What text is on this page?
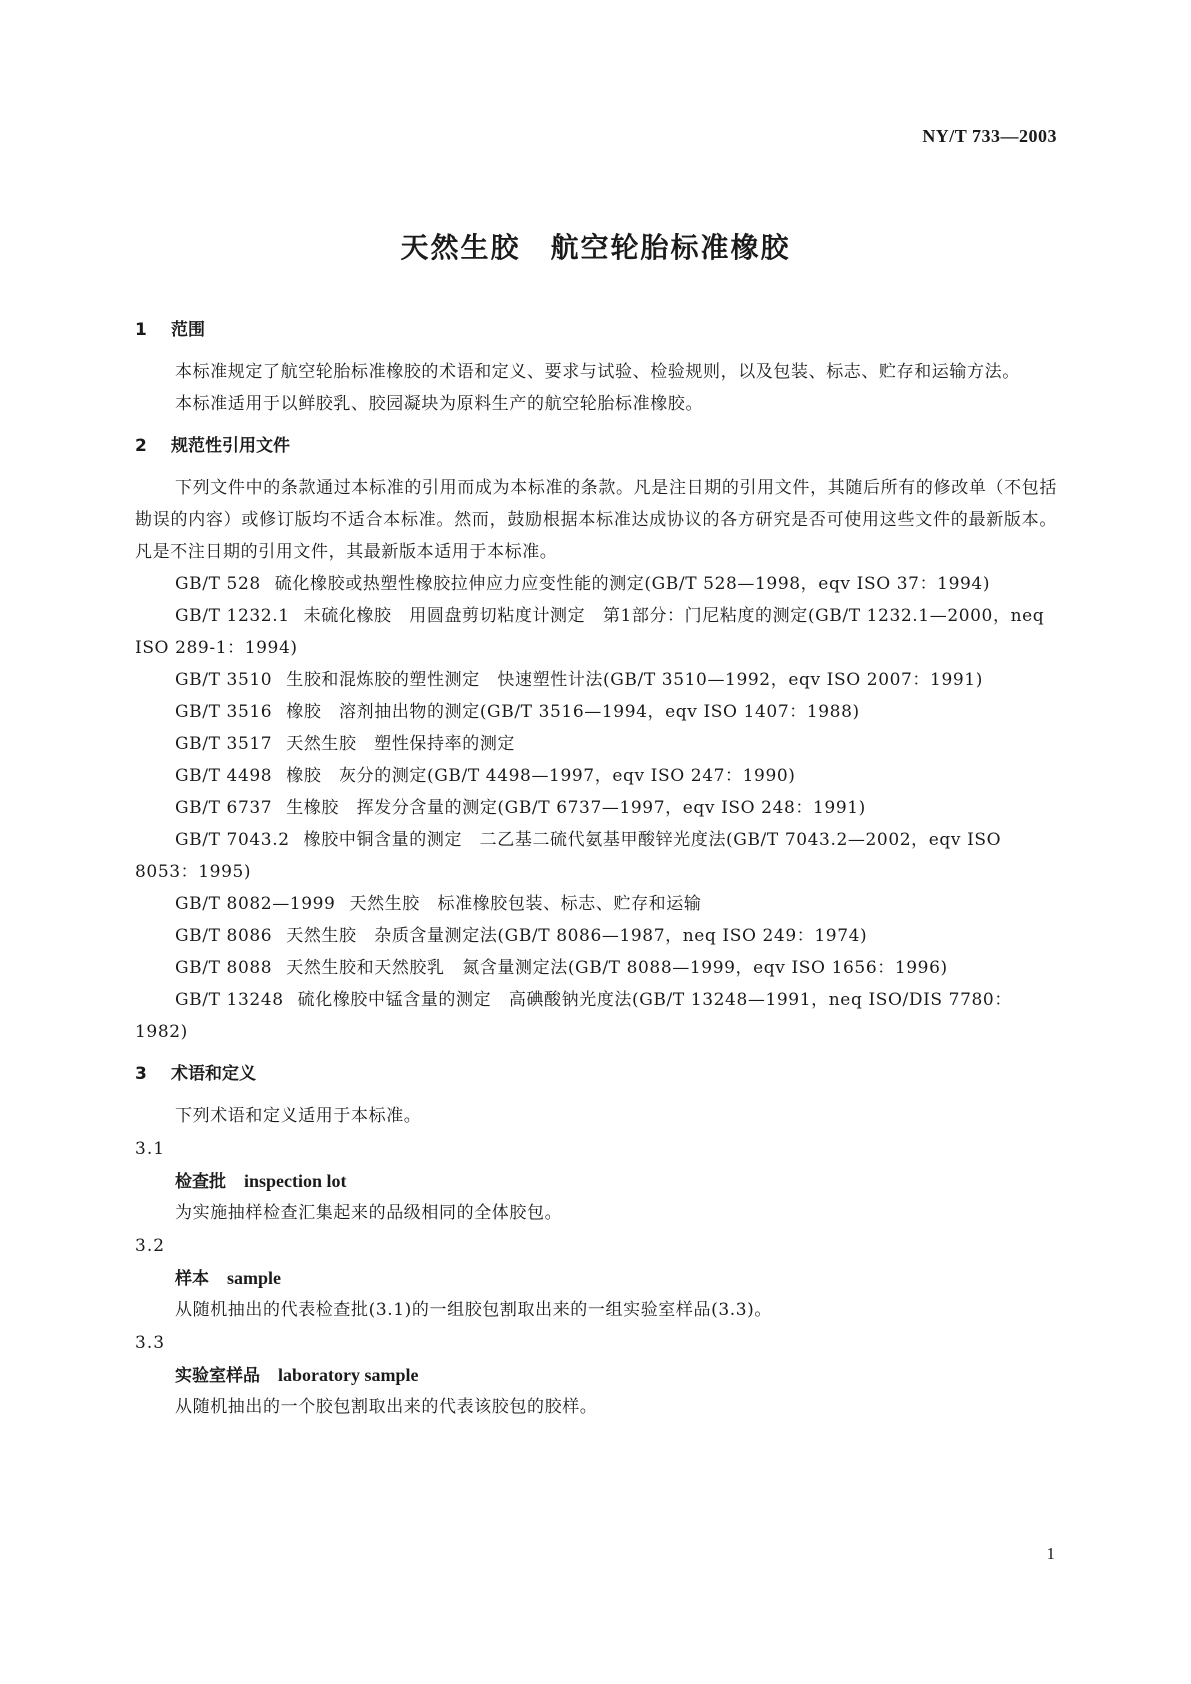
NY/T 733—2003
天然生胶　航空轮胎标准橡胶
1 范围

本标准规定了航空轮胎标准橡胶的术语和定义、要求与试验、检验规则，以及包装、标志、贮存和运输方法。

本标准适用于以鲜胶乳、胶园凝块为原料生产的航空轮胎标准橡胶。

2 规范性引用文件

下列文件中的条款通过本标准的引用而成为本标准的条款。凡是注日期的引用文件，其随后所有的修改单（不包括勘误的内容）或修订版均不适合本标准。然而，鼓励根据本标准达成协议的各方研究是否可使用这些文件的最新版本。凡是不注日期的引用文件，其最新版本适用于本标准。

GB/T 528 硫化橡胶或热塑性橡胶拉伸应力应变性能的测定(GB/T 528—1998，eqv ISO 37：1994)

GB/T 1232.1 未硫化橡胶　用圆盘剪切粘度计测定　第1部分：门尼粘度的测定(GB/T 1232.1—2000，neq ISO 289-1：1994)

GB/T 3510 生胶和混炼胶的塑性测定　快速塑性计法(GB/T 3510—1992，eqv ISO 2007：1991)

GB/T 3516 橡胶　溶剂抽出物的测定(GB/T 3516—1994，eqv ISO 1407：1988)

GB/T 3517 天然生胶　塑性保持率的测定

GB/T 4498 橡胶　灰分的测定(GB/T 4498—1997，eqv ISO 247：1990)

GB/T 6737 生橡胶　挥发分含量的测定(GB/T 6737—1997，eqv ISO 248：1991)

GB/T 7043.2 橡胶中铜含量的测定　二乙基二硫代氨基甲酸锌光度法(GB/T 7043.2—2002，eqv ISO 8053：1995)

GB/T 8082—1999 天然生胶　标准橡胶包装、标志、贮存和运输

GB/T 8086 天然生胶　杂质含量测定法(GB/T 8086—1987，neq ISO 249：1974)

GB/T 8088 天然生胶和天然胶乳　氮含量测定法(GB/T 8088—1999，eqv ISO 1656：1996)

GB/T 13248 硫化橡胶中锰含量的测定　高碘酸钠光度法(GB/T 13248—1991，neq ISO/DIS 7780：1982)

3 术语和定义

下列术语和定义适用于本标准。

3.1

检查批 inspection lot

为实施抽样检查汇集起来的品级相同的全体胶包。

3.2

样本 sample

从随机抽出的代表检查批(3.1)的一组胶包割取出来的一组实验室样品(3.3)。

3.3

实验室样品 laboratory sample

从随机抽出的一个胶包割取出来的代表该胶包的胶样。

1
